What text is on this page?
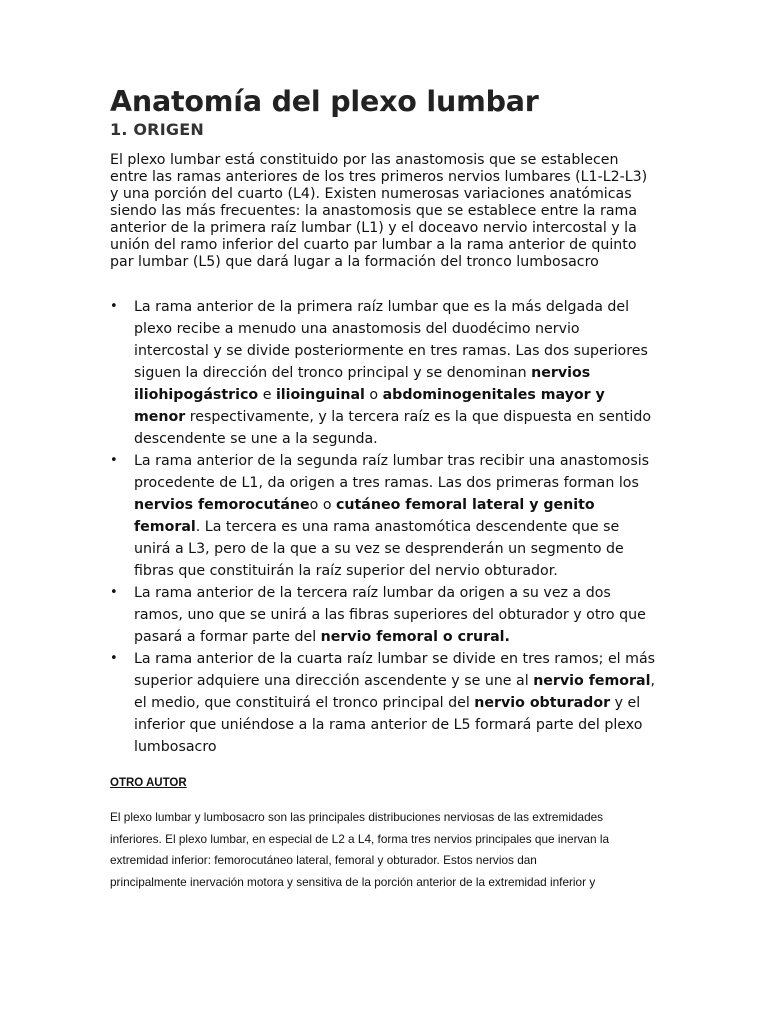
Anatomía del plexo lumbar
1. ORIGEN

El plexo lumbar está constituido por las anastomosis que se establecen entre las ramas anteriores de los tres primeros nervios lumbares (L1-L2-L3) y una porción del cuarto (L4). Existen numerosas variaciones anatómicas siendo las más frecuentes: la anastomosis que se establece entre la rama anterior de la primera raíz lumbar (L1) y el doceavo nervio intercostal y la unión del ramo inferior del cuarto par lumbar a la rama anterior de quinto par lumbar (L5) que dará lugar a la formación del tronco lumbosacro

• La rama anterior de la primera raíz lumbar que es la más delgada del plexo recibe a menudo una anastomosis del duodécimo nervio intercostal y se divide posteriormente en tres ramas. Las dos superiores siguen la dirección del tronco principal y se denominan nervios iliohipogástrico e ilioinguinal o abdominogenitales mayor y menor respectivamente, y la tercera raíz es la que dispuesta en sentido descendente se une a la segunda.
• La rama anterior de la segunda raíz lumbar tras recibir una anastomosis procedente de L1, da origen a tres ramas. Las dos primeras forman los nervios femorocutáneo o cutáneo femoral lateral y genito femoral. La tercera es una rama anastomótica descendente que se unirá a L3, pero de la que a su vez se desprenderán un segmento de fibras que constituirán la raíz superior del nervio obturador.
• La rama anterior de la tercera raíz lumbar da origen a su vez a dos ramos, uno que se unirá a las fibras superiores del obturador y otro que pasará a formar parte del nervio femoral o crural.
• La rama anterior de la cuarta raíz lumbar se divide en tres ramos; el más superior adquiere una dirección ascendente y se une al nervio femoral, el medio, que constituirá el tronco principal del nervio obturador y el inferior que uniéndose a la rama anterior de L5 formará parte del plexo lumbosacro

OTRO AUTOR

El plexo lumbar y lumbosacro son las principales distribuciones nerviosas de las extremidades
inferiores. El plexo lumbar, en especial de L2 a L4, forma tres nervios principales que inervan la
extremidad inferior: femorocutáneo lateral, femoral y obturador. Estos nervios dan
principalmente inervación motora y sensitiva de la porción anterior de la extremidad inferior y
